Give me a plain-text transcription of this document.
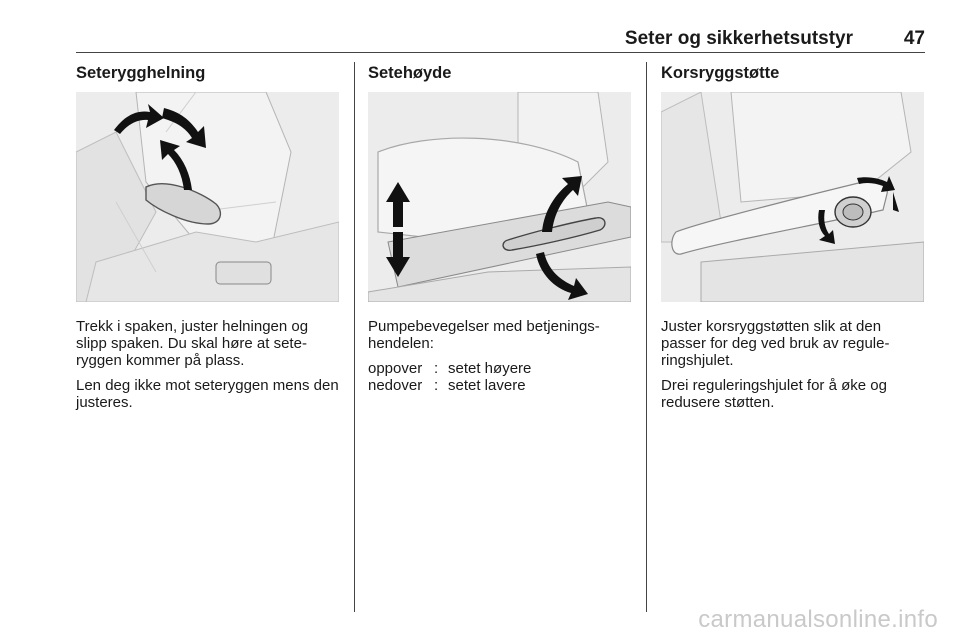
Seter og sikkerhetsutstyr	47
Seterygghelning

Trekk i spaken, juster helningen og slipp spaken. Du skal høre at sete-ryggen kommer på plass.

Len deg ikke mot seteryggen mens den justeres.

Setehøyde

Pumpebevegelser med betjenings-hendelen:

oppover : setet høyere
nedover : setet lavere
Korsryggstøtte

Juster korsryggstøtten slik at den passer for deg ved bruk av regule-ringshjulet.

Drei reguleringshjulet for å øke og redusere støtten.

carmanualsonline.info
